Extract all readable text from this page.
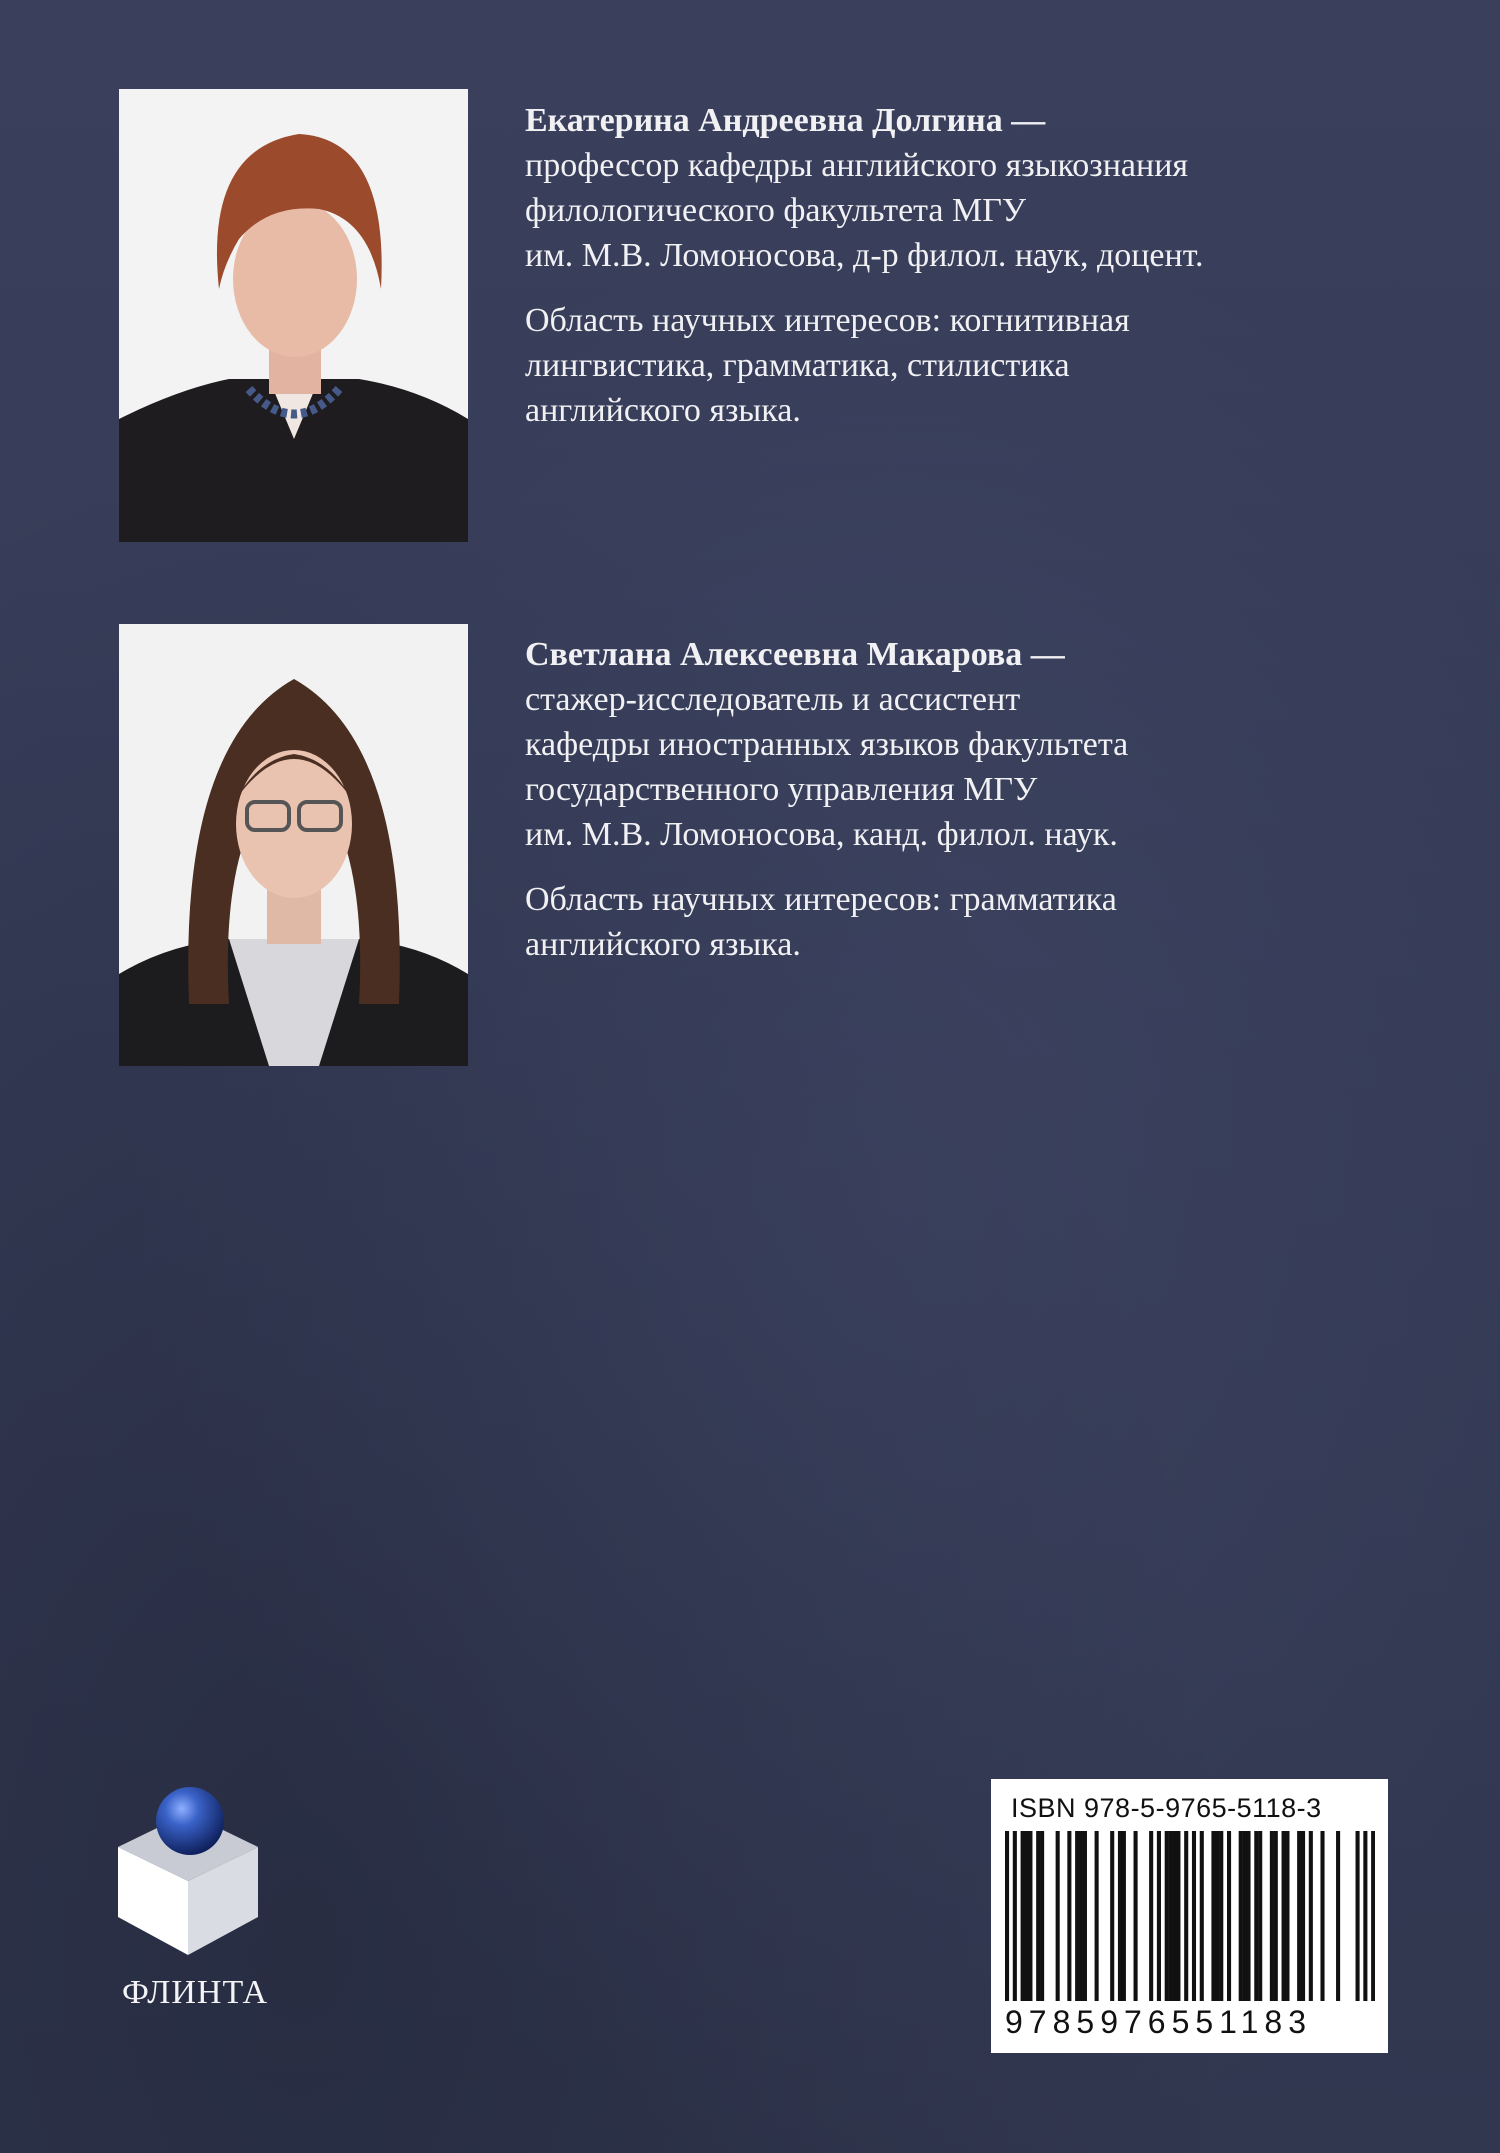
Екатерина Андреевна Долгина —
профессор кафедры английского языкознания
филологического факультета МГУ
им. М.В. Ломоносова, д-р филол. наук, доцент.
Область научных интересов: когнитивная
лингвистика, грамматика, стилистика
английского языка.
Светлана Алексеевна Макарова —
стажер-исследователь и ассистент
кафедры иностранных языков факультета
государственного управления МГУ
им. М.В. Ломоносова, канд. филол. наук.
Область научных интересов: грамматика
английского языка.
ФЛИНТА
ISBN 978-5-9765-5118-3
9785976551183
